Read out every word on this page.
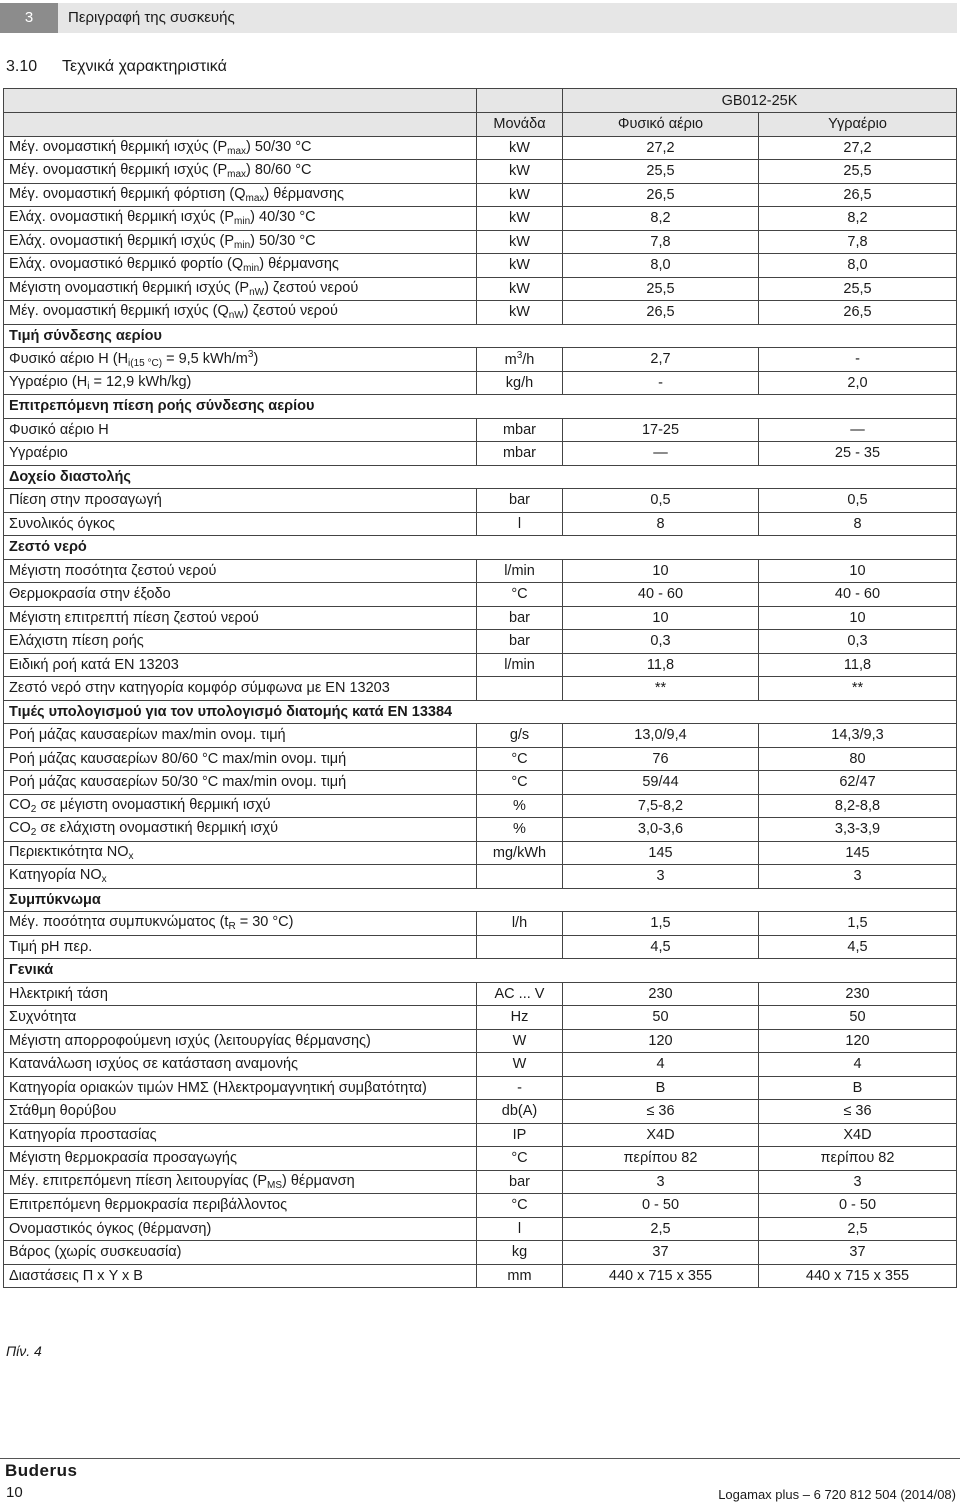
3	Περιγραφή της συσκευής
3.10 Τεχνικά χαρακτηριστικά
		GB012-25K	
	Μονάδα	Φυσικό αέριο	Υγραέριο
Μέγ. ονομαστική θερμική ισχύς $(P_{max})$ 50/30 °C	kW	27,2	27,2
Μέγ. ονομαστική θερμική ισχύς $(P_{max})$ 80/60 °C	kW	25,5	25,5
Μέγ. ονομαστική θερμική φόρτιση $(Q_{max})$ θέρμανσης	kW	26,5	26,5
Ελάχ. ονομαστική θερμική ισχύς $(P_{min})$ 40/30 °C	kW	8,2	8,2
Ελάχ. ονομαστική θερμική ισχύς $(P_{min})$ 50/30 °C	kW	7,8	7,8
Ελάχ. ονομαστικό θερμικό φορτίο $(Q_{min})$ θέρμανσης	kW	8,0	8,0
Μέγιστη ονομαστική θερμική ισχύς $(P_{nW})$ ζεστού νερού	kW	25,5	25,5
Μέγ. ονομαστική θερμική ισχύς $(Q_{nW})$ ζεστού νερού	kW	26,5	26,5
Τιμή σύνδεσης αερίου			
Φυσικό αέριο H ($H_{i(15 ^\circ C)} = 9,5$ kWh/$m^3$)	$m^3/h$	2,7	-
Υγραέριο ($H_i = 12,9$ kWh/kg)	kg/h	-	2,0
Επιτρεπόμενη πίεση ροής σύνδεσης αερίου			
Φυσικό αέριο H	mbar	17-25	—
Υγραέριο	mbar	—	25 - 35
Δοχείο διαστολής			
Πίεση στην προσαγωγή	bar	0,5	0,5
Συνολικός όγκος	l	8	8
Ζεστό νερό			
Μέγιστη ποσότητα ζεστού νερού	l/min	10	10
Θερμοκρασία στην έξοδο	°C	40 - 60	40 - 60
Μέγιστη επιτρεπτή πίεση ζεστού νερού	bar	10	10
Ελάχιστη πίεση ροής	bar	0,3	0,3
Ειδική ροή κατά EN 13203	l/min	11,8	11,8
Ζεστό νερό στην κατηγορία κομφόρ σύμφωνα με EN 13203		**	**
Τιμές υπολογισμού για τον υπολογισμό διατομής κατά EN 13384			
Ροή μάζας καυσαερίων max/min ονομ. τιμή	g/s	13,0/9,4	14,3/9,3
Ροή μάζας καυσαερίων 80/60 °C max/min ονομ. τιμή	°C	76	80
Ροή μάζας καυσαερίων 50/30 °C max/min ονομ. τιμή	°C	59/44	62/47
$CO_2$ σε μέγιστη ονομαστική θερμική ισχύ	%	7,5-8,2	8,2-8,8
$CO_2$ σε ελάχιστη ονομαστική θερμική ισχύ	%	3,0-3,6	3,3-3,9
Περιεκτικότητα $NO_x$	mg/kWh	145	145
Κατηγορία $NO_x$		3	3
Συμπύκνωμα			
Μέγ. ποσότητα συμπυκνώματος ($t_R = 30$ °C)	l/h	1,5	1,5
Τιμή pH περ.		4,5	4,5
Γενικά			
Ηλεκτρική τάση	AC ... V	230	230
Συχνότητα	Hz	50	50
Μέγιστη απορροφούμενη ισχύς (λειτουργίας θέρμανσης)	W	120	120
Κατανάλωση ισχύος σε κατάσταση αναμονής	W	4	4
Κατηγορία οριακών τιμών ΗΜΣ (Ηλεκτρομαγνητική συμβατότητα)	-	B	B
Στάθμη θορύβου	db(A)	≤ 36	≤ 36
Κατηγορία προστασίας	IP	X4D	X4D
Μέγιστη θερμοκρασία προσαγωγής	°C	περίπου 82	περίπου 82
Μέγ. επιτρεπόμενη πίεση λειτουργίας $(P_{MS})$ θέρμανση	bar	3	3
Επιτρεπόμενη θερμοκρασία περιβάλλοντος	°C	0 - 50	0 - 50
Ονομαστικός όγκος (θέρμανση)	l	2,5	2,5
Βάρος (χωρίς συσκευασία)	kg	37	37
Διαστάσεις Π x Υ x Β	mm	440 x 715 x 355	440 x 715 x 355
Πίν. 4
Buderus
10	Logamax plus – 6 720 812 504 (2014/08)
